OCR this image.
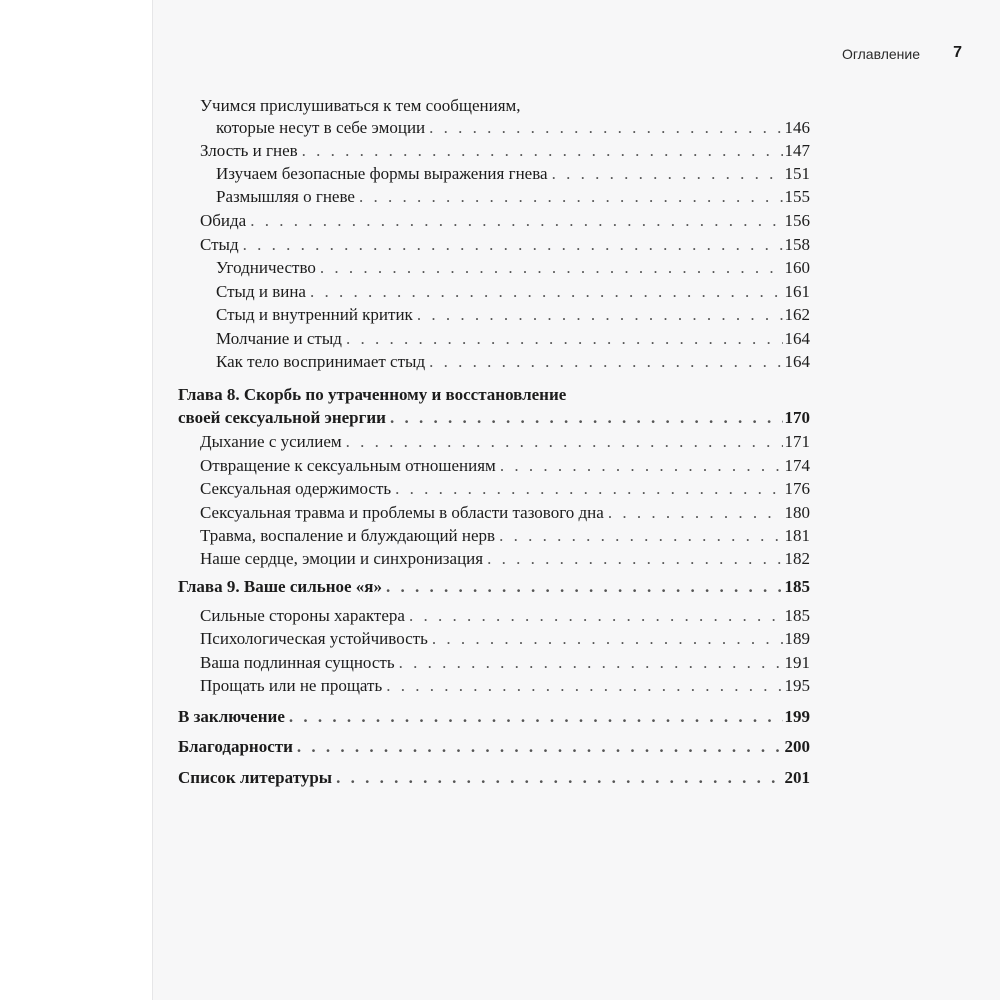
Оглавление 7
Учимся прислушиваться к тем сообщениям,
которые несут в себе эмоции . . .	146
Злость и гнев . . .	147
Изучаем безопасные формы выражения гнева . . .	151
Размышляя о гневе . . .	155
Обида . . .	156
Стыд . . .	158
Угодничество . . .	160
Стыд и вина . . .	161
Стыд и внутренний критик . . .	162
Молчание и стыд . . .	164
Как тело воспринимает стыд . . .	164
Глава 8. Скорбь по утраченному и восстановление
своей сексуальной энергии . . .	170
Дыхание с усилием . . .	171
Отвращение к сексуальным отношениям . . .	174
Сексуальная одержимость . . .	176
Сексуальная травма и проблемы в области тазового дна . . .	180
Травма, воспаление и блуждающий нерв . . .	181
Наше сердце, эмоции и синхронизация . . .	182
Глава 9. Ваше сильное «я» . . .	185
Сильные стороны характера . . .	185
Психологическая устойчивость . . .	189
Ваша подлинная сущность . . .	191
Прощать или не прощать . . .	195
В заключение . . .	199
Благодарности . . .	200
Список литературы . . .	201
